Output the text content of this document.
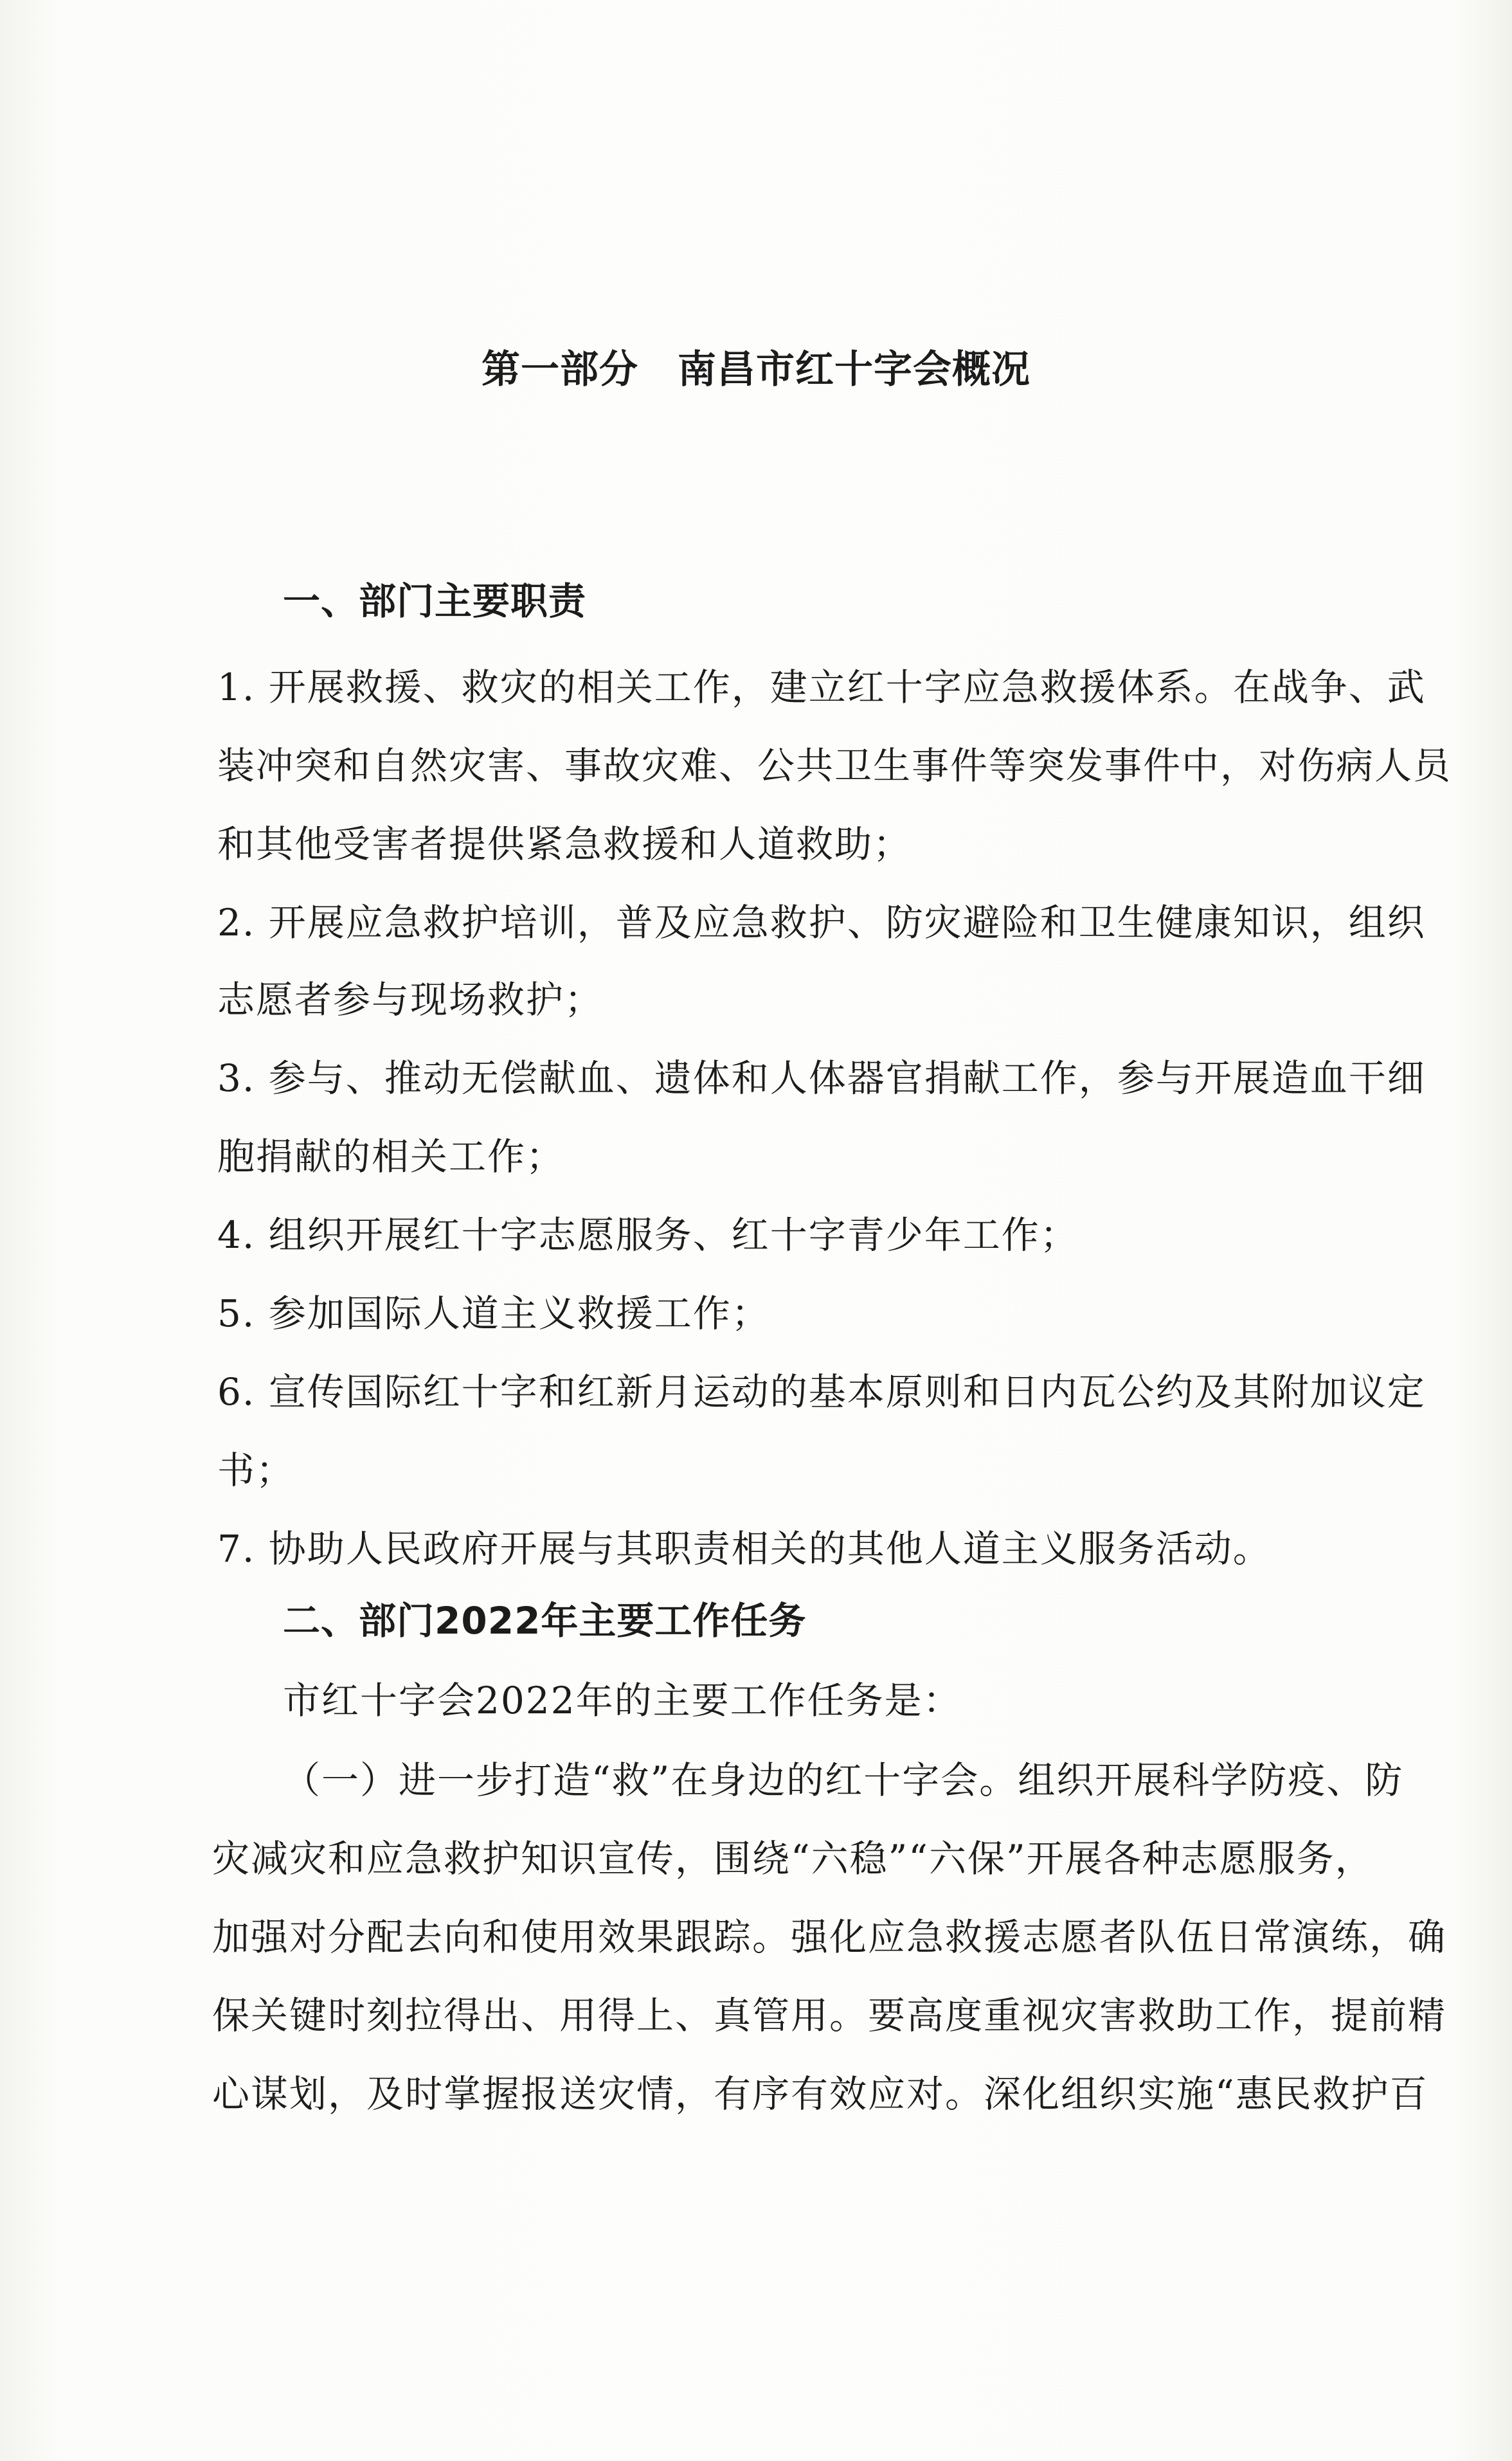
第一部分　南昌市红十字会概况
一、部门主要职责
1. 开展救援、救灾的相关工作，建立红十字应急救援体系。在战争、武
装冲突和自然灾害、事故灾难、公共卫生事件等突发事件中，对伤病人员
和其他受害者提供紧急救援和人道救助；
2. 开展应急救护培训，普及应急救护、防灾避险和卫生健康知识，组织
志愿者参与现场救护；
3. 参与、推动无偿献血、遗体和人体器官捐献工作，参与开展造血干细
胞捐献的相关工作；
4. 组织开展红十字志愿服务、红十字青少年工作；
5. 参加国际人道主义救援工作；
6. 宣传国际红十字和红新月运动的基本原则和日内瓦公约及其附加议定
书；
7. 协助人民政府开展与其职责相关的其他人道主义服务活动。
二、部门2022年主要工作任务
市红十字会2022年的主要工作任务是：
（一）进一步打造“救”在身边的红十字会。组织开展科学防疫、防
灾减灾和应急救护知识宣传，围绕“六稳”“六保”开展各种志愿服务，
加强对分配去向和使用效果跟踪。强化应急救援志愿者队伍日常演练，确
保关键时刻拉得出、用得上、真管用。要高度重视灾害救助工作，提前精
心谋划，及时掌握报送灾情，有序有效应对。深化组织实施“惠民救护百
